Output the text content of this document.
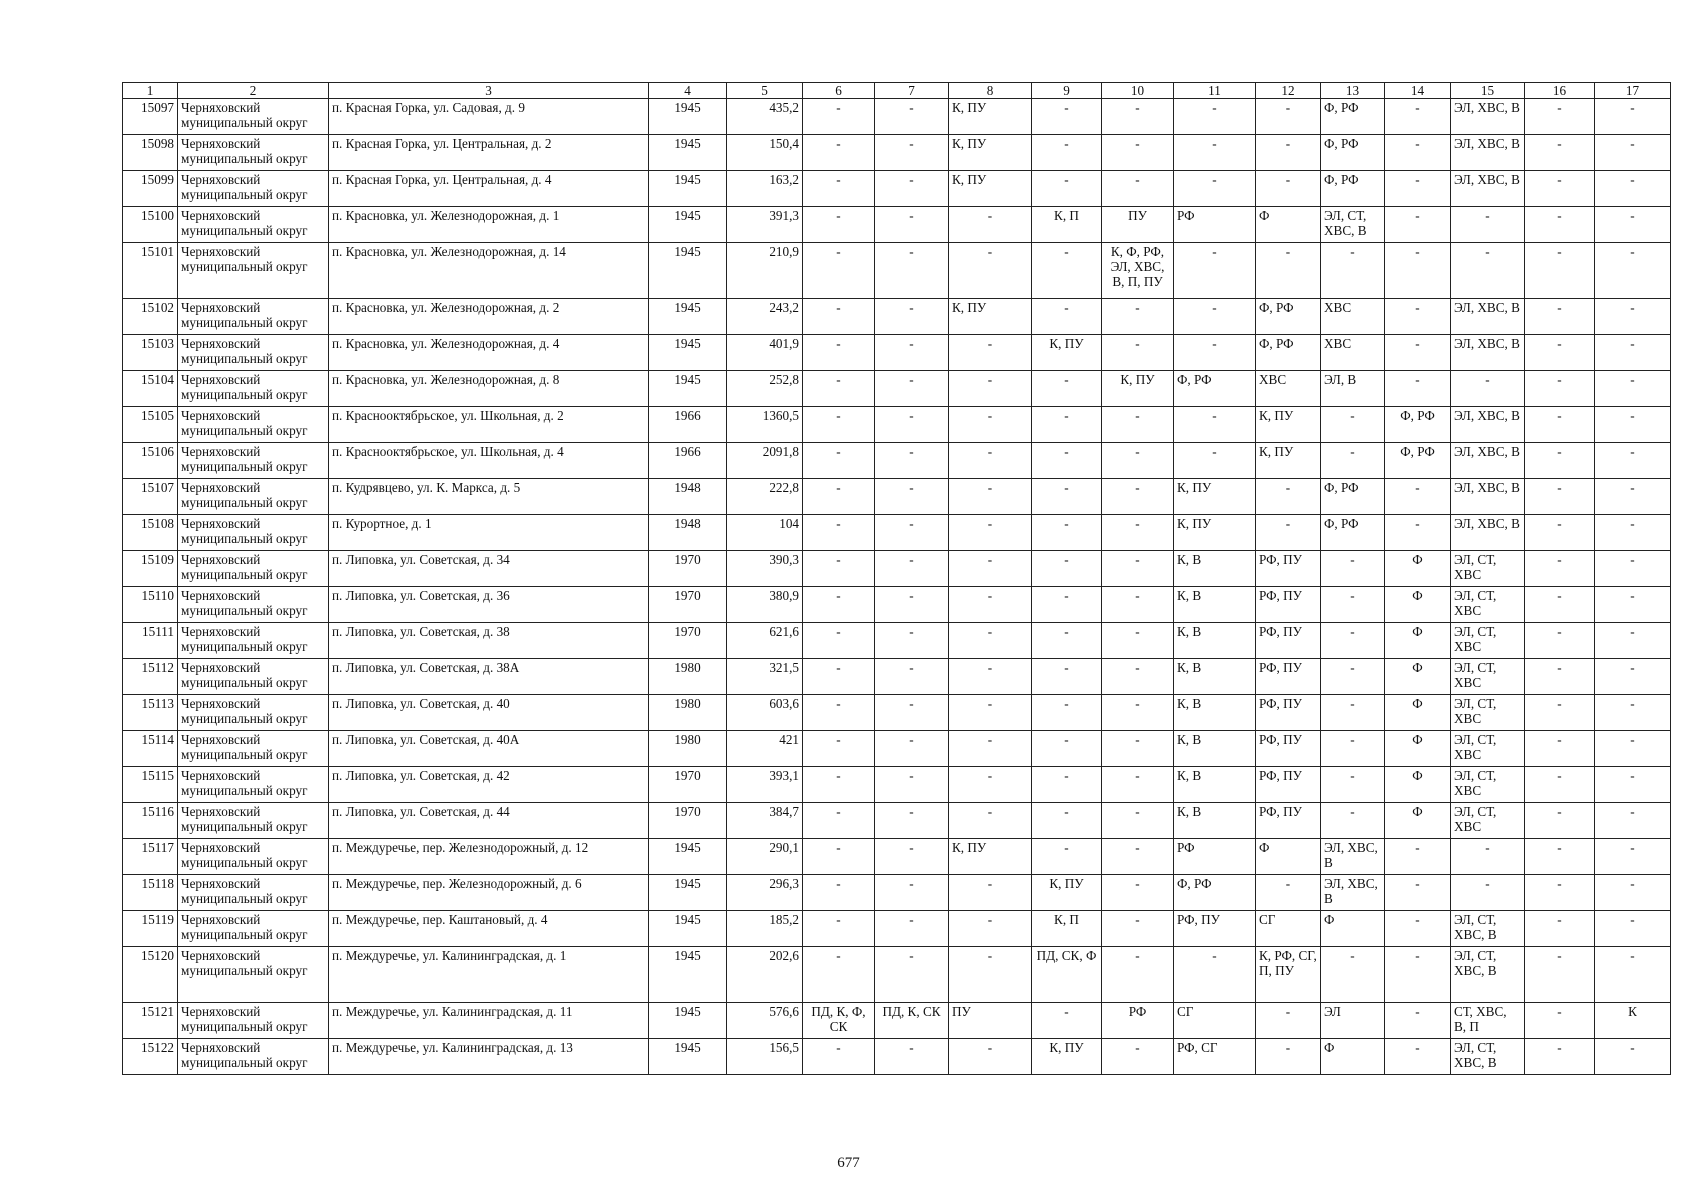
1	2	3	4	5	6	7	8	9	10	11	12	13	14	15	16	17
15097	Черняховский муниципальный округ	п. Красная Горка, ул. Садовая, д. 9	1945	435,2	-	-	К, ПУ	-	-	-	-	Ф, РФ	-	ЭЛ, ХВС, В	-	-
15098	Черняховский муниципальный округ	п. Красная Горка, ул. Центральная, д. 2	1945	150,4	-	-	К, ПУ	-	-	-	-	Ф, РФ	-	ЭЛ, ХВС, В	-	-
15099	Черняховский муниципальный округ	п. Красная Горка, ул. Центральная, д. 4	1945	163,2	-	-	К, ПУ	-	-	-	-	Ф, РФ	-	ЭЛ, ХВС, В	-	-
15100	Черняховский муниципальный округ	п. Красновка, ул. Железнодорожная, д. 1	1945	391,3	-	-	-	К, П	ПУ	РФ	Ф	ЭЛ, СТ, ХВС, В	-	-	-	-
15101	Черняховский муниципальный округ	п. Красновка, ул. Железнодорожная, д. 14	1945	210,9	-	-	-	-	К, Ф, РФ, ЭЛ, ХВС, В, П, ПУ	-	-	-	-	-	-	-
15102	Черняховский муниципальный округ	п. Красновка, ул. Железнодорожная, д. 2	1945	243,2	-	-	К, ПУ	-	-	-	Ф, РФ	ХВС	-	ЭЛ, ХВС, В	-	-
15103	Черняховский муниципальный округ	п. Красновка, ул. Железнодорожная, д. 4	1945	401,9	-	-	-	К, ПУ	-	-	Ф, РФ	ХВС	-	ЭЛ, ХВС, В	-	-
15104	Черняховский муниципальный округ	п. Красновка, ул. Железнодорожная, д. 8	1945	252,8	-	-	-	-	К, ПУ	Ф, РФ	ХВС	ЭЛ, В	-	-	-	-
15105	Черняховский муниципальный округ	п. Краснооктябрьское, ул. Школьная, д. 2	1966	1360,5	-	-	-	-	-	-	К, ПУ	-	Ф, РФ	ЭЛ, ХВС, В	-	-
15106	Черняховский муниципальный округ	п. Краснооктябрьское, ул. Школьная, д. 4	1966	2091,8	-	-	-	-	-	-	К, ПУ	-	Ф, РФ	ЭЛ, ХВС, В	-	-
15107	Черняховский муниципальный округ	п. Кудрявцево, ул. К. Маркса, д. 5	1948	222,8	-	-	-	-	-	К, ПУ	-	Ф, РФ	-	ЭЛ, ХВС, В	-	-
15108	Черняховский муниципальный округ	п. Курортное, д. 1	1948	104	-	-	-	-	-	К, ПУ	-	Ф, РФ	-	ЭЛ, ХВС, В	-	-
15109	Черняховский муниципальный округ	п. Липовка, ул. Советская, д. 34	1970	390,3	-	-	-	-	-	К, В	РФ, ПУ	-	Ф	ЭЛ, СТ, ХВС	-	-
15110	Черняховский муниципальный округ	п. Липовка, ул. Советская, д. 36	1970	380,9	-	-	-	-	-	К, В	РФ, ПУ	-	Ф	ЭЛ, СТ, ХВС	-	-
15111	Черняховский муниципальный округ	п. Липовка, ул. Советская, д. 38	1970	621,6	-	-	-	-	-	К, В	РФ, ПУ	-	Ф	ЭЛ, СТ, ХВС	-	-
15112	Черняховский муниципальный округ	п. Липовка, ул. Советская, д. 38А	1980	321,5	-	-	-	-	-	К, В	РФ, ПУ	-	Ф	ЭЛ, СТ, ХВС	-	-
15113	Черняховский муниципальный округ	п. Липовка, ул. Советская, д. 40	1980	603,6	-	-	-	-	-	К, В	РФ, ПУ	-	Ф	ЭЛ, СТ, ХВС	-	-
15114	Черняховский муниципальный округ	п. Липовка, ул. Советская, д. 40А	1980	421	-	-	-	-	-	К, В	РФ, ПУ	-	Ф	ЭЛ, СТ, ХВС	-	-
15115	Черняховский муниципальный округ	п. Липовка, ул. Советская, д. 42	1970	393,1	-	-	-	-	-	К, В	РФ, ПУ	-	Ф	ЭЛ, СТ, ХВС	-	-
15116	Черняховский муниципальный округ	п. Липовка, ул. Советская, д. 44	1970	384,7	-	-	-	-	-	К, В	РФ, ПУ	-	Ф	ЭЛ, СТ, ХВС	-	-
15117	Черняховский муниципальный округ	п. Междуречье, пер. Железнодорожный, д. 12	1945	290,1	-	-	К, ПУ	-	-	РФ	Ф	ЭЛ, ХВС, В	-	-	-	-
15118	Черняховский муниципальный округ	п. Междуречье, пер. Железнодорожный, д. 6	1945	296,3	-	-	-	К, ПУ	-	Ф, РФ	-	ЭЛ, ХВС, В	-	-	-	-
15119	Черняховский муниципальный округ	п. Междуречье, пер. Каштановый, д. 4	1945	185,2	-	-	-	К, П	-	РФ, ПУ	СГ	Ф	-	ЭЛ, СТ, ХВС, В	-	-
15120	Черняховский муниципальный округ	п. Междуречье, ул. Калининградская, д. 1	1945	202,6	-	-	-	ПД, СК, Ф	-	-	К, РФ, СГ, П, ПУ	-	-	ЭЛ, СТ, ХВС, В	-	-
15121	Черняховский муниципальный округ	п. Междуречье, ул. Калининградская, д. 11	1945	576,6	ПД, К, Ф, СК	ПД, К, СК	ПУ	-	РФ	СГ	-	ЭЛ	-	СТ, ХВС, В, П	-	К
15122	Черняховский муниципальный округ	п. Междуречье, ул. Калининградская, д. 13	1945	156,5	-	-	-	К, ПУ	-	РФ, СГ	-	Ф	-	ЭЛ, СТ, ХВС, В	-	-
677
